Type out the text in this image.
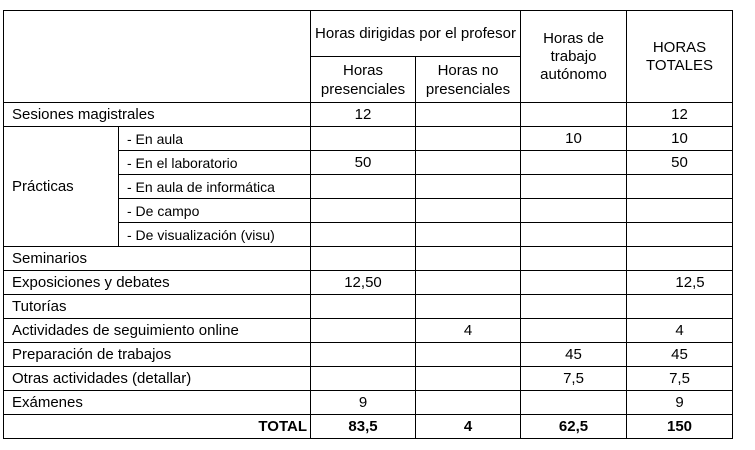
		Horas dirigidas por el profesor		Horas de trabajo autónomo	HORAS TOTALES
		Horas presenciales	Horas no presenciales		
Sesiones magistrales		12			12
Prácticas	- En aula			10	10
	- En el laboratorio	50			50
	- En aula de informática				
	- De campo				
	- De visualización (visu)				
Seminarios					
Exposiciones y debates		12,50			12,5
Tutorías					
Actividades de seguimiento online			4		4
Preparación de trabajos				45	45
Otras actividades (detallar)				7,5	7,5
Exámenes		9			9
TOTAL		83,5	4	62,5	150
